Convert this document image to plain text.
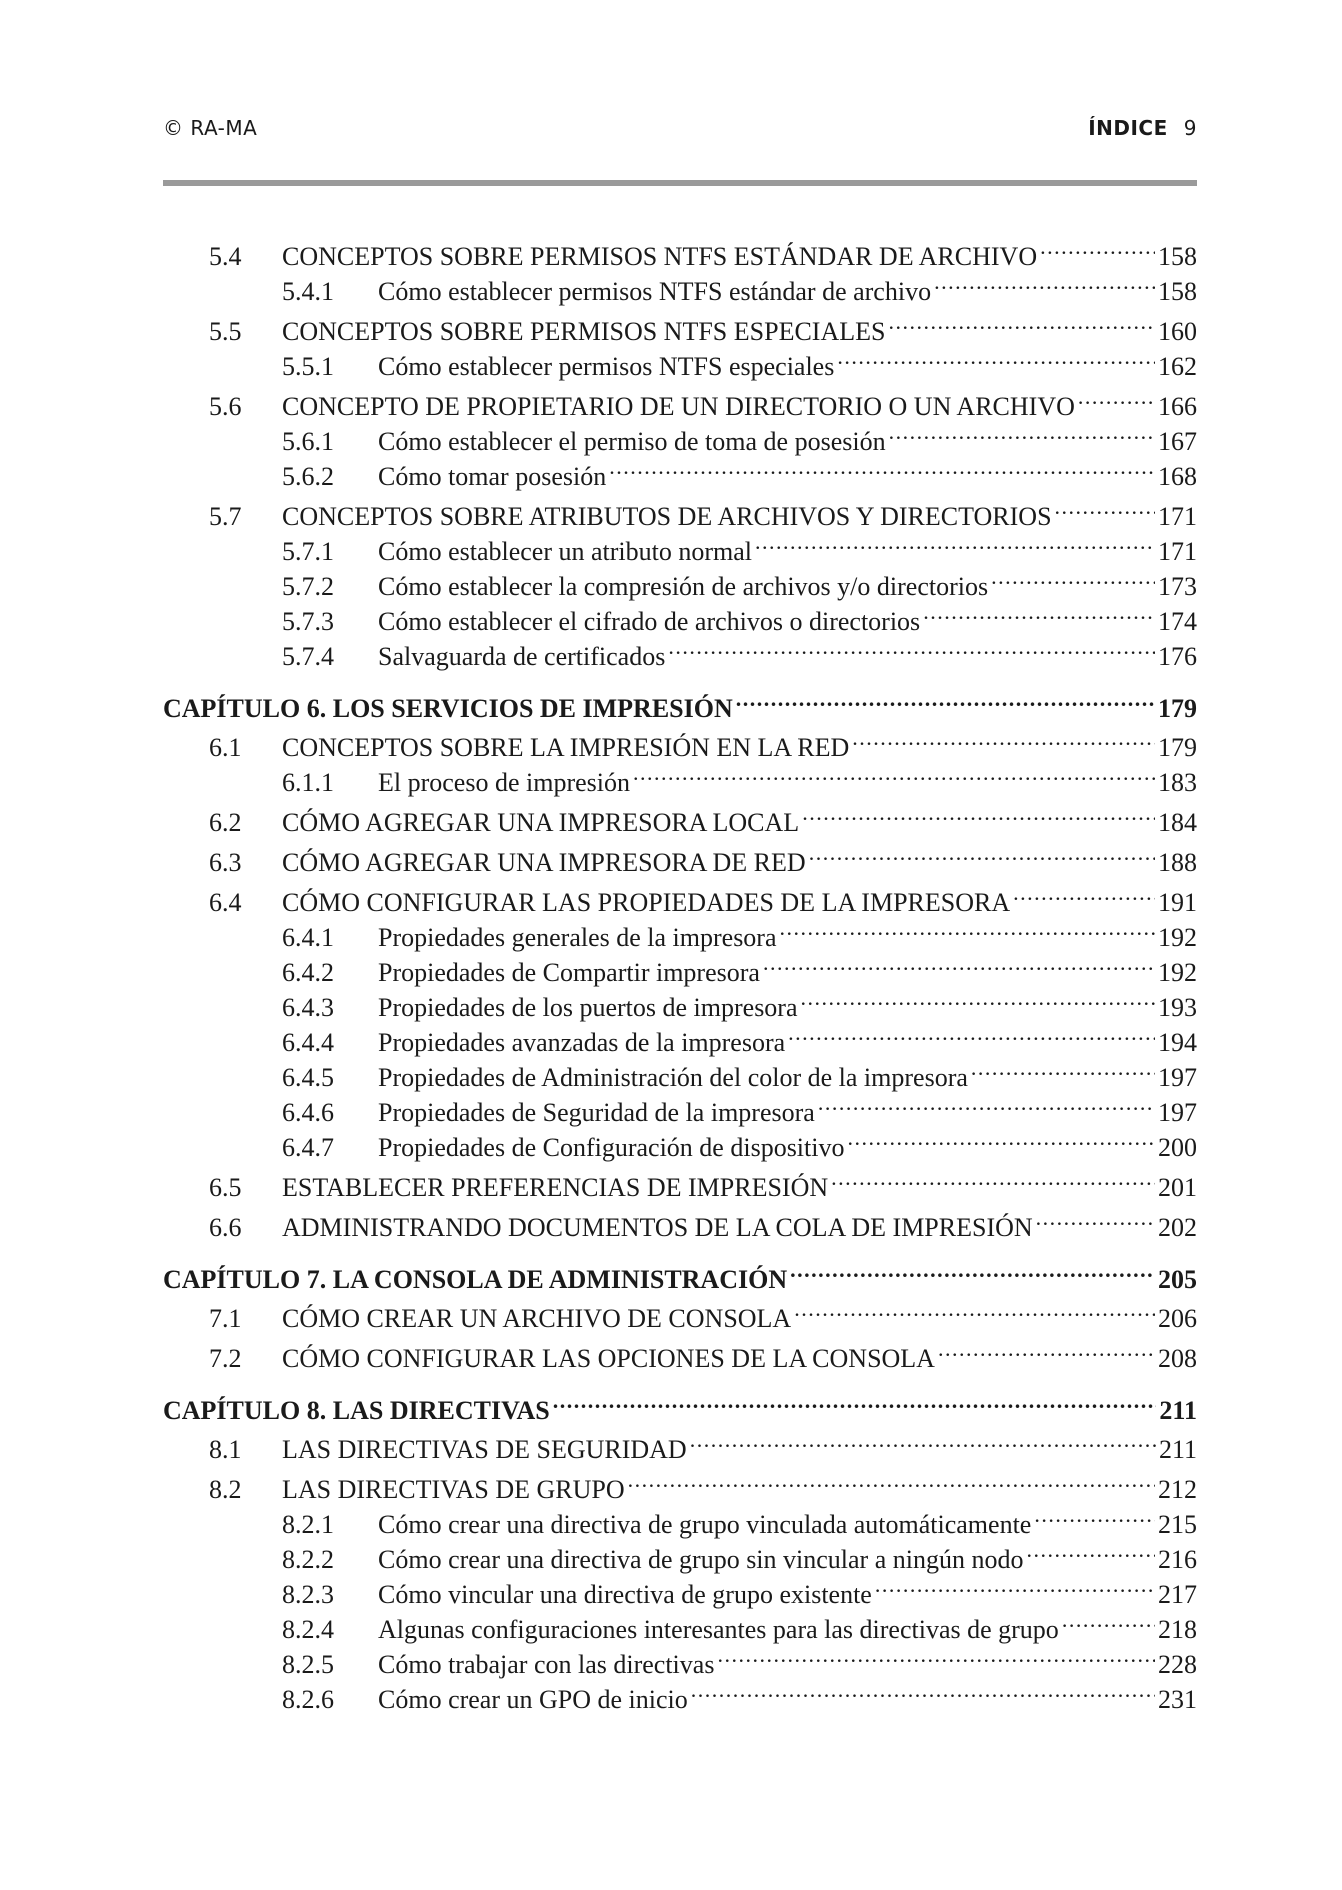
© RA-MA	ÍNDICE 9
5.4	CONCEPTOS SOBRE PERMISOS NTFS ESTÁNDAR DE ARCHIVO .....	158
5.4.1	Cómo establecer permisos NTFS estándar de archivo .....	158
5.5	CONCEPTOS SOBRE PERMISOS NTFS ESPECIALES .....	160
5.5.1	Cómo establecer permisos NTFS especiales .....	162
5.6	CONCEPTO DE PROPIETARIO DE UN DIRECTORIO O UN ARCHIVO .....	166
5.6.1	Cómo establecer el permiso de toma de posesión .....	167
5.6.2	Cómo tomar posesión .....	168
5.7	CONCEPTOS SOBRE ATRIBUTOS DE ARCHIVOS Y DIRECTORIOS .....	171
5.7.1	Cómo establecer un atributo normal .....	171
5.7.2	Cómo establecer la compresión de archivos y/o directorios .....	173
5.7.3	Cómo establecer el cifrado de archivos o directorios .....	174
5.7.4	Salvaguarda de certificados .....	176
CAPÍTULO 6. LOS SERVICIOS DE IMPRESIÓN .....	179
6.1	CONCEPTOS SOBRE LA IMPRESIÓN EN LA RED .....	179
6.1.1	El proceso de impresión .....	183
6.2	CÓMO AGREGAR UNA IMPRESORA LOCAL .....	184
6.3	CÓMO AGREGAR UNA IMPRESORA DE RED .....	188
6.4	CÓMO CONFIGURAR LAS PROPIEDADES DE LA IMPRESORA .....	191
6.4.1	Propiedades generales de la impresora .....	192
6.4.2	Propiedades de Compartir impresora .....	192
6.4.3	Propiedades de los puertos de impresora .....	193
6.4.4	Propiedades avanzadas de la impresora .....	194
6.4.5	Propiedades de Administración del color de la impresora .....	197
6.4.6	Propiedades de Seguridad de la impresora .....	197
6.4.7	Propiedades de Configuración de dispositivo .....	200
6.5	ESTABLECER PREFERENCIAS DE IMPRESIÓN .....	201
6.6	ADMINISTRANDO DOCUMENTOS DE LA COLA DE IMPRESIÓN .....	202
CAPÍTULO 7. LA CONSOLA DE ADMINISTRACIÓN .....	205
7.1	CÓMO CREAR UN ARCHIVO DE CONSOLA .....	206
7.2	CÓMO CONFIGURAR LAS OPCIONES DE LA CONSOLA .....	208
CAPÍTULO 8. LAS DIRECTIVAS .....	211
8.1	LAS DIRECTIVAS DE SEGURIDAD .....	211
8.2	LAS DIRECTIVAS DE GRUPO .....	212
8.2.1	Cómo crear una directiva de grupo vinculada automáticamente .....	215
8.2.2	Cómo crear una directiva de grupo sin vincular a ningún nodo .....	216
8.2.3	Cómo vincular una directiva de grupo existente .....	217
8.2.4	Algunas configuraciones interesantes para las directivas de grupo .....	218
8.2.5	Cómo trabajar con las directivas .....	228
8.2.6	Cómo crear un GPO de inicio .....	231
